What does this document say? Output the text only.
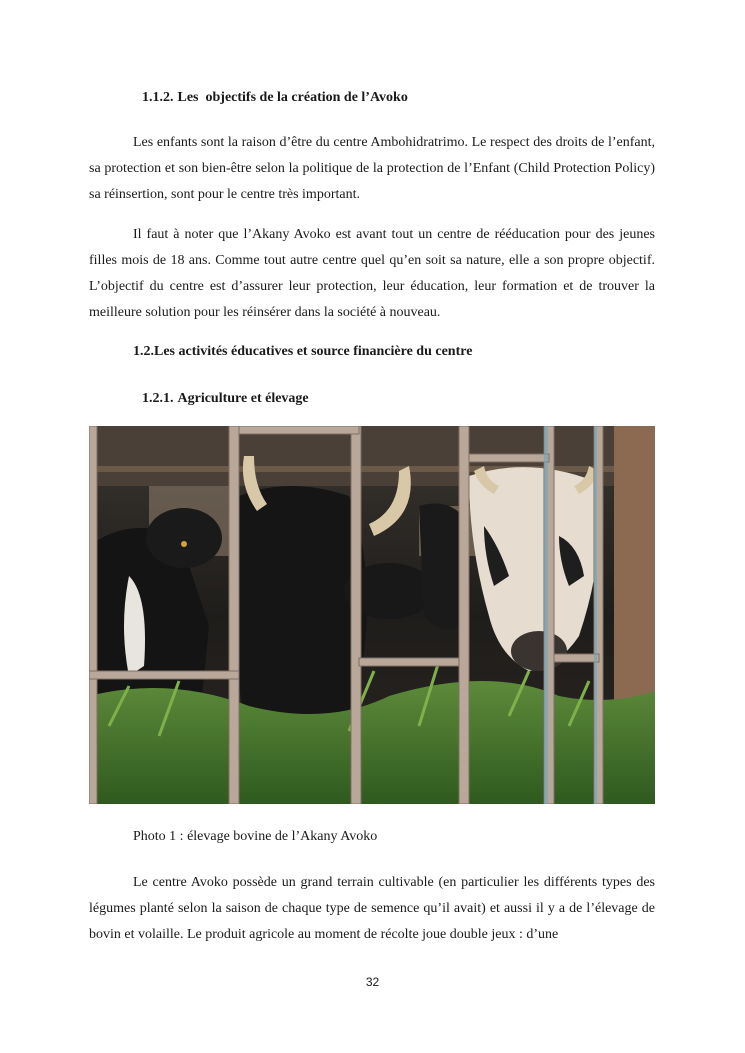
1.1.2. Les  objectifs de la création de l’Avoko

Les enfants sont la raison d’être du centre Ambohidratrimo. Le respect des droits de l’enfant, sa protection et son bien-être selon la politique de la protection de l’Enfant (Child Protection Policy) sa réinsertion, sont pour le centre très important.

Il faut à noter que l’Akany Avoko est avant tout un centre de rééducation pour des jeunes filles mois de 18 ans. Comme tout autre centre quel qu’en soit sa nature, elle a son propre objectif. L’objectif du centre est d’assurer leur protection, leur éducation, leur formation et de trouver la meilleure solution pour les réinsérer dans la société à nouveau.

1.2.Les activités éducatives et source financière du centre
1.2.1. Agriculture et élevage
Photo 1 : élevage bovine de l’Akany Avoko

Le centre Avoko possède un grand terrain cultivable (en particulier les différents types des légumes planté selon la saison de chaque type de semence qu’il avait) et aussi il y a de l’élevage de bovin et volaille. Le produit agricole au moment de récolte joue double jeux : d’une

32
